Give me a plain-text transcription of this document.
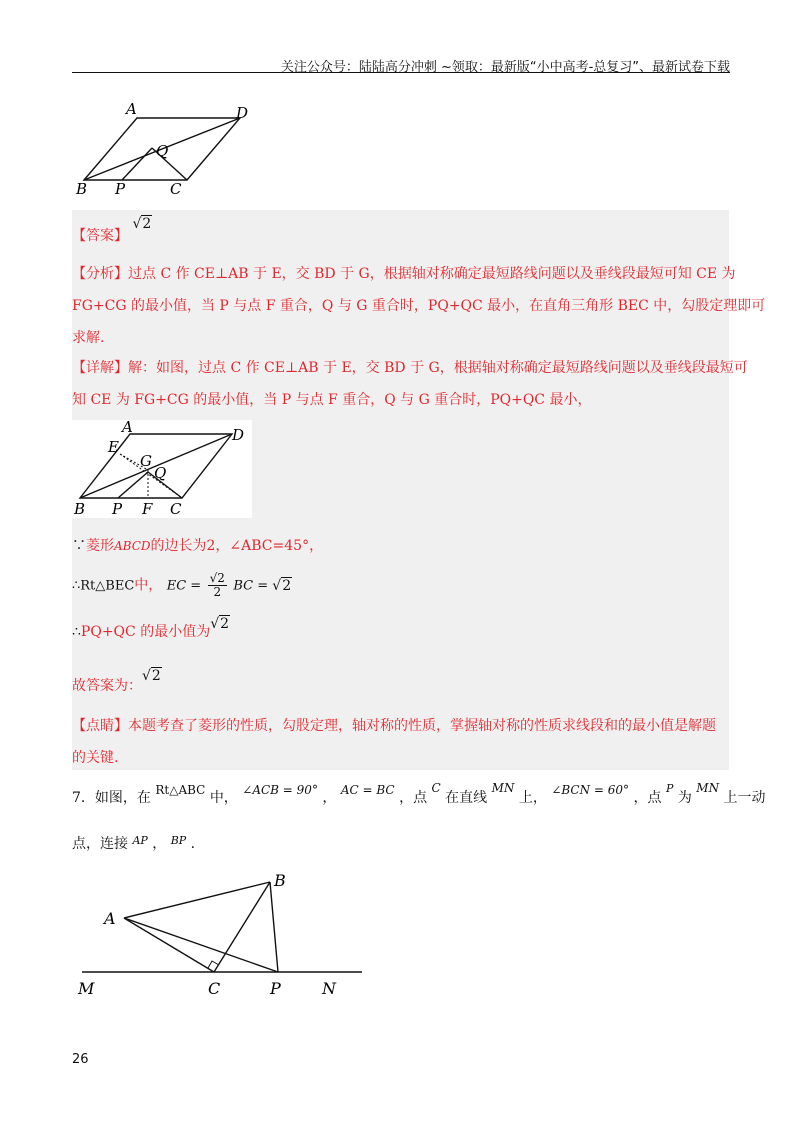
关注公众号：陆陆高分冲刺 ~领取：最新版“小中高考-总复习”、最新试卷下载
A	D
Q
B P	C
【答案】 √2
【分析】过点 C 作 CE⊥AB 于 E，交 BD 于 G，根据轴对称确定最短路线问题以及垂线段最短可知 CE 为
FG+CG 的最小值，当 P 与点 F 重合，Q 与 G 重合时，PQ+QC 最小，在直角三角形 BEC 中，勾股定理即可
求解.
【详解】解：如图，过点 C 作 CE⊥AB 于 E，交 BD 于 G，根据轴对称确定最短路线问题以及垂线段最短可
知 CE 为 FG+CG 的最小值，当 P 与点 F 重合，Q 与 G 重合时，PQ+QC 最小，
A	D
E
G
Q
B P F C
∵菱形ABCD的边长为2，∠ABC=45°，
∴Rt△BEC中， EC = $\frac{√2}{2}$ BC = √2
∴PQ+QC 的最小值为√2
故答案为：√2
【点睛】本题考查了菱形的性质，勾股定理，轴对称的性质，掌握轴对称的性质求线段和的最小值是解题
的关键.
7．如图，在 Rt△ABC 中， ∠ACB = 90° ， AC = BC ，点 C 在直线 MN 上， ∠BCN = 60° ，点 $^P$ 为 MN 上一动
点，连接 $^{AP}$ ， $^{BP}$ .
A
B
M	C	P	N
26
